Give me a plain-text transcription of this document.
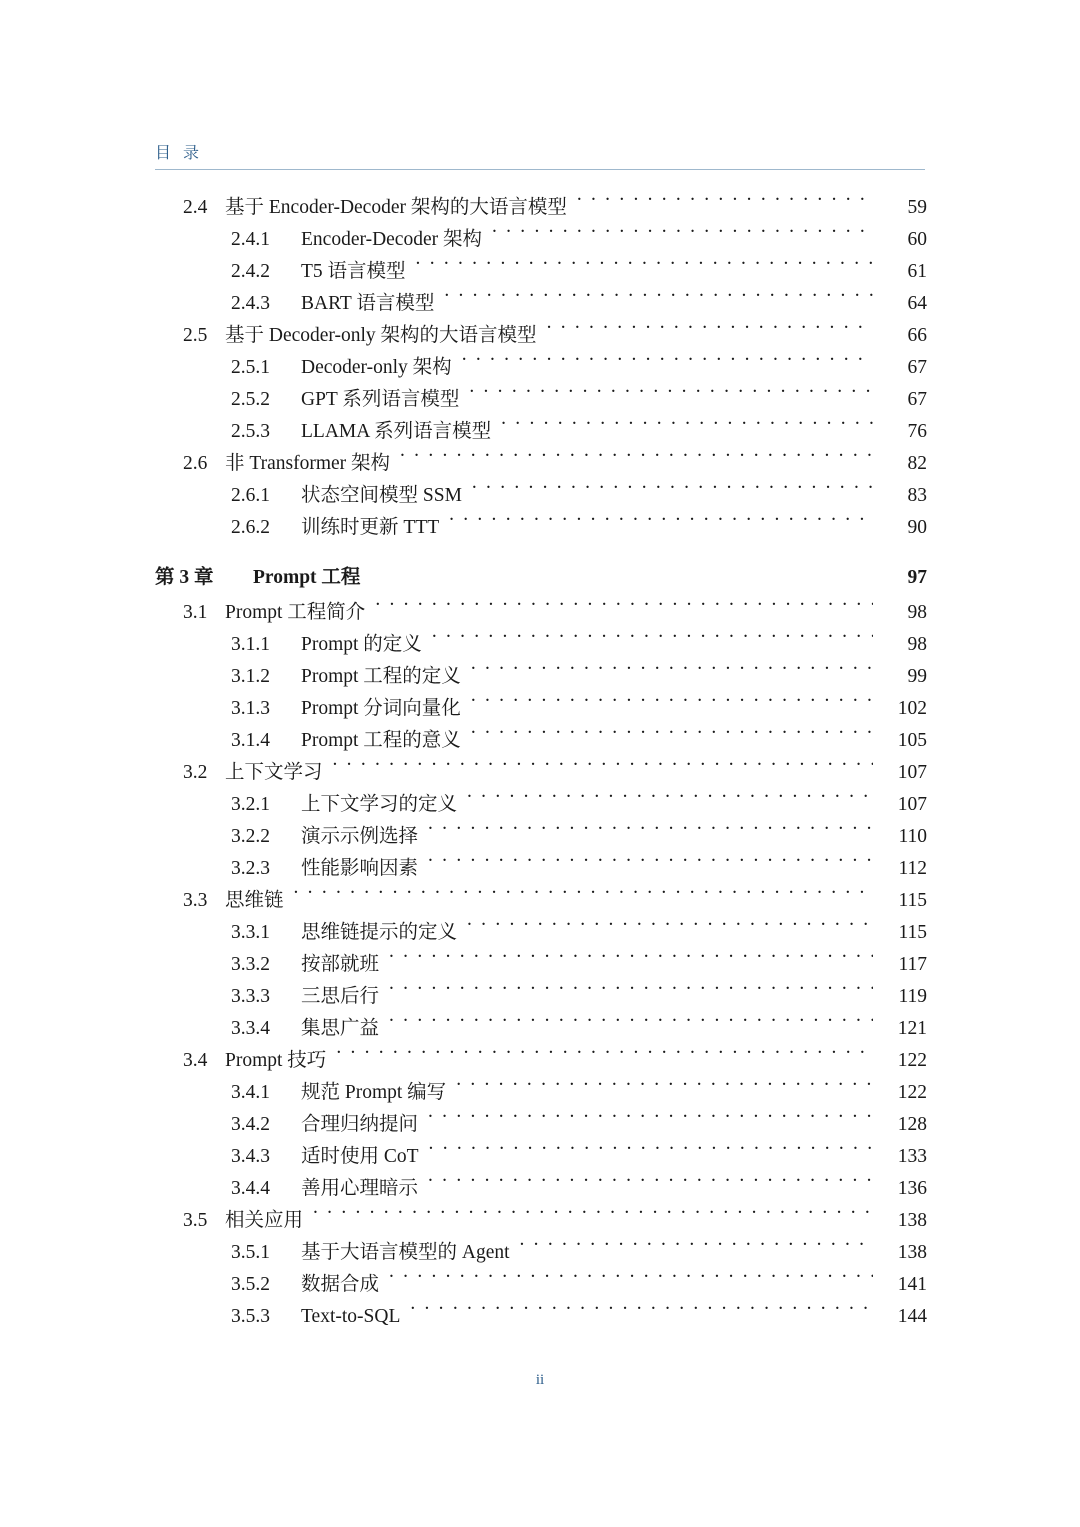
目 录
2.4 基于 Encoder-Decoder 架构的大语言模型 . . .	59
2.4.1	Encoder-Decoder 架构 . . .	60
2.4.2	T5 语言模型 . . .	61
2.4.3	BART 语言模型 . . .	64
2.5 基于 Decoder-only 架构的大语言模型 . . .	66
2.5.1	Decoder-only 架构 . . .	67
2.5.2	GPT 系列语言模型 . . .	67
2.5.3	LLAMA 系列语言模型 . . .	76
2.6 非 Transformer 架构 . . .	82
2.6.1	状态空间模型 SSM . . .	83
2.6.2	训练时更新 TTT . . .	90
第 3 章	Prompt 工程	97
3.1 Prompt 工程简介 . . .	98
3.1.1	Prompt 的定义 . . .	98
3.1.2	Prompt 工程的定义 . . .	99
3.1.3	Prompt 分词向量化 . . .	102
3.1.4	Prompt 工程的意义 . . .	105
3.2 上下文学习 . . .	107
3.2.1	上下文学习的定义 . . .	107
3.2.2	演示示例选择 . . .	110
3.2.3	性能影响因素 . . .	112
3.3 思维链 . . .	115
3.3.1	思维链提示的定义 . . .	115
3.3.2	按部就班 . . .	117
3.3.3	三思后行 . . .	119
3.3.4	集思广益 . . .	121
3.4 Prompt 技巧 . . .	122
3.4.1	规范 Prompt 编写 . . .	122
3.4.2	合理归纳提问 . . .	128
3.4.3	适时使用 CoT . . .	133
3.4.4	善用心理暗示 . . .	136
3.5 相关应用 . . .	138
3.5.1	基于大语言模型的 Agent . . .	138
3.5.2	数据合成 . . .	141
3.5.3	Text-to-SQL . . .	144
ii
